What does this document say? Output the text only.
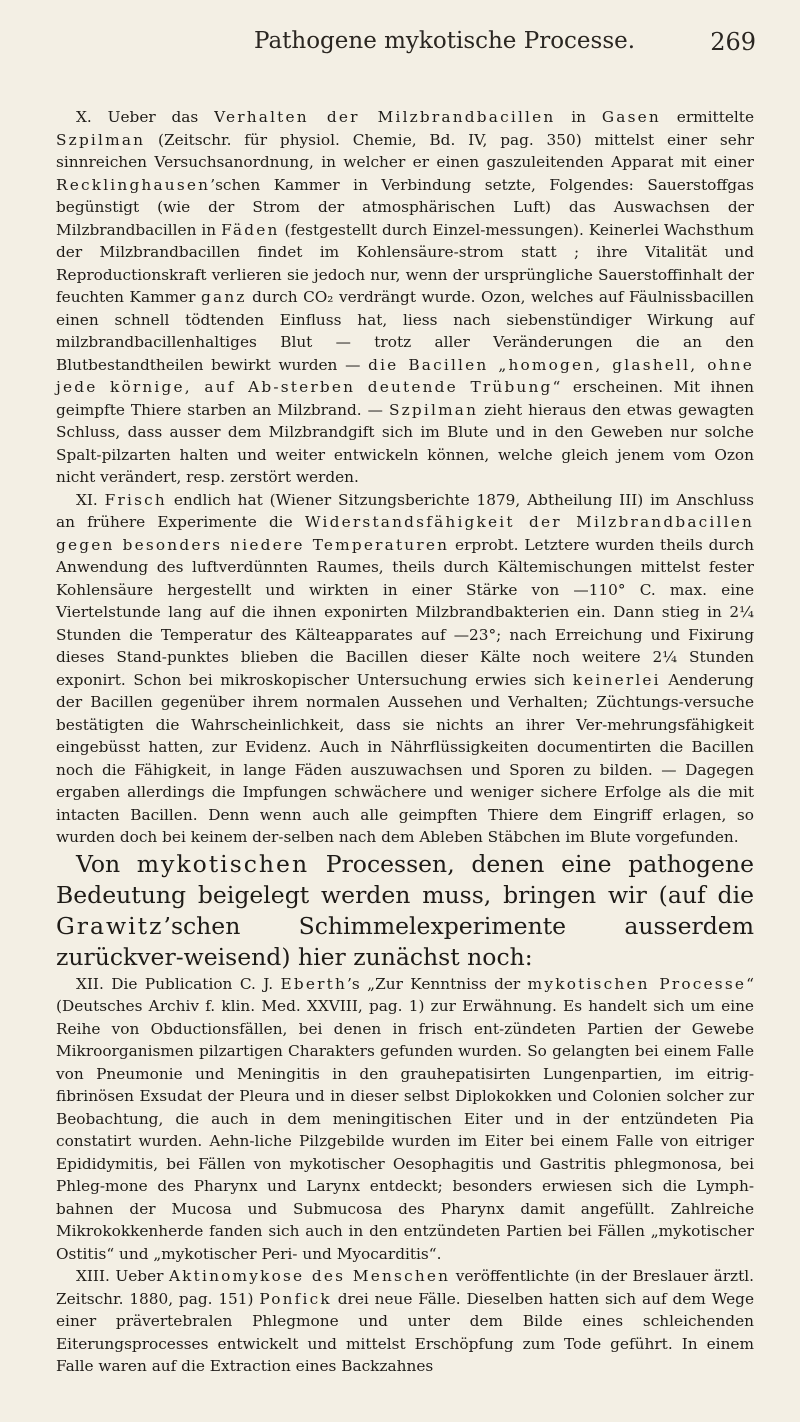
Pathogene mykotische Processe.	269

X. Ueber das Verhalten der Milzbrandbacillen in Gasen ermittelte Szpilman (Zeitschr. für physiol. Chemie, Bd. IV, pag. 350) mittelst einer sehr sinnreichen Versuchsanordnung, in welcher er einen gaszuleitenden Apparat mit einer Recklinghausen’schen Kammer in Verbindung setzte, Folgendes: Sauerstoffgas begünstigt (wie der Strom der atmosphärischen Luft) das Auswachsen der Milzbrandbacillen in Fäden (festgestellt durch Einzel-messungen). Keinerlei Wachsthum der Milzbrandbacillen findet im Kohlensäure-strom statt ; ihre Vitalität und Reproductionskraft verlieren sie jedoch nur, wenn der ursprüngliche Sauerstoffinhalt der feuchten Kammer ganz durch CO₂ verdrängt wurde. Ozon, welches auf Fäulnissbacillen einen schnell tödtenden Einfluss hat, liess nach siebenstündiger Wirkung auf milzbrandbacillenhaltiges Blut — trotz aller Veränderungen die an den Blutbestandtheilen bewirkt wurden — die Bacillen „homogen, glashell, ohne jede körnige, auf Ab-sterben deutende Trübung“ erscheinen. Mit ihnen geimpfte Thiere starben an Milzbrand. — Szpilman zieht hieraus den etwas gewagten Schluss, dass ausser dem Milzbrandgift sich im Blute und in den Geweben nur solche Spalt-pilzarten halten und weiter entwickeln können, welche gleich jenem vom Ozon nicht verändert, resp. zerstört werden.

XI. Frisch endlich hat (Wiener Sitzungsberichte 1879, Abtheilung III) im Anschluss an frühere Experimente die Widerstandsfähigkeit der Milzbrandbacillen gegen besonders niedere Temperaturen erprobt. Letztere wurden theils durch Anwendung des luftverdünnten Raumes, theils durch Kältemischungen mittelst fester Kohlensäure hergestellt und wirkten in einer Stärke von —110° C. max. eine Viertelstunde lang auf die ihnen exponirten Milzbrandbakterien ein. Dann stieg in 2¼ Stunden die Temperatur des Kälteapparates auf —23°; nach Erreichung und Fixirung dieses Stand-punktes blieben die Bacillen dieser Kälte noch weitere 2¼ Stunden exponirt. Schon bei mikroskopischer Untersuchung erwies sich keinerlei Aenderung der Bacillen gegenüber ihrem normalen Aussehen und Verhalten; Züchtungs-versuche bestätigten die Wahrscheinlichkeit, dass sie nichts an ihrer Ver-mehrungsfähigkeit eingebüsst hatten, zur Evidenz. Auch in Nährflüssigkeiten documentirten die Bacillen noch die Fähigkeit, in lange Fäden auszuwachsen und Sporen zu bilden. — Dagegen ergaben allerdings die Impfungen schwächere und weniger sichere Erfolge als die mit intacten Bacillen. Denn wenn auch alle geimpften Thiere dem Eingriff erlagen, so wurden doch bei keinem der-selben nach dem Ableben Stäbchen im Blute vorgefunden.

Von mykotischen Processen, denen eine pathogene Bedeutung beigelegt werden muss, bringen wir (auf die Grawitz’schen Schimmelexperimente ausserdem zurückver-weisend) hier zunächst noch:

XII. Die Publication C. J. Eberth’s „Zur Kenntniss der mykotischen Processe“ (Deutsches Archiv f. klin. Med. XXVIII, pag. 1) zur Erwähnung. Es handelt sich um eine Reihe von Obductionsfällen, bei denen in frisch ent-zündeten Partien der Gewebe Mikroorganismen pilzartigen Charakters gefunden wurden. So gelangten bei einem Falle von Pneumonie und Meningitis in den grauhepatisirten Lungenpartien, im eitrig-fibrinösen Exsudat der Pleura und in dieser selbst Diplokokken und Colonien solcher zur Beobachtung, die auch in dem meningitischen Eiter und in der entzündeten Pia constatirt wurden. Aehn-liche Pilzgebilde wurden im Eiter bei einem Falle von eitriger Epididymitis, bei Fällen von mykotischer Oesophagitis und Gastritis phlegmonosa, bei Phleg-mone des Pharynx und Larynx entdeckt; besonders erwiesen sich die Lymph-bahnen der Mucosa und Submucosa des Pharynx damit angefüllt. Zahlreiche Mikrokokkenherde fanden sich auch in den entzündeten Partien bei Fällen „mykotischer Ostitis“ und „mykotischer Peri- und Myocarditis“.

XIII. Ueber Aktinomykose des Menschen veröffentlichte (in der Breslauer ärztl. Zeitschr. 1880, pag. 151) Ponfick drei neue Fälle. Dieselben hatten sich auf dem Wege einer prävertebralen Phlegmone und unter dem Bilde eines schleichenden Eiterungsprocesses entwickelt und mittelst Erschöpfung zum Tode geführt. In einem Falle waren auf die Extraction eines Backzahnes
